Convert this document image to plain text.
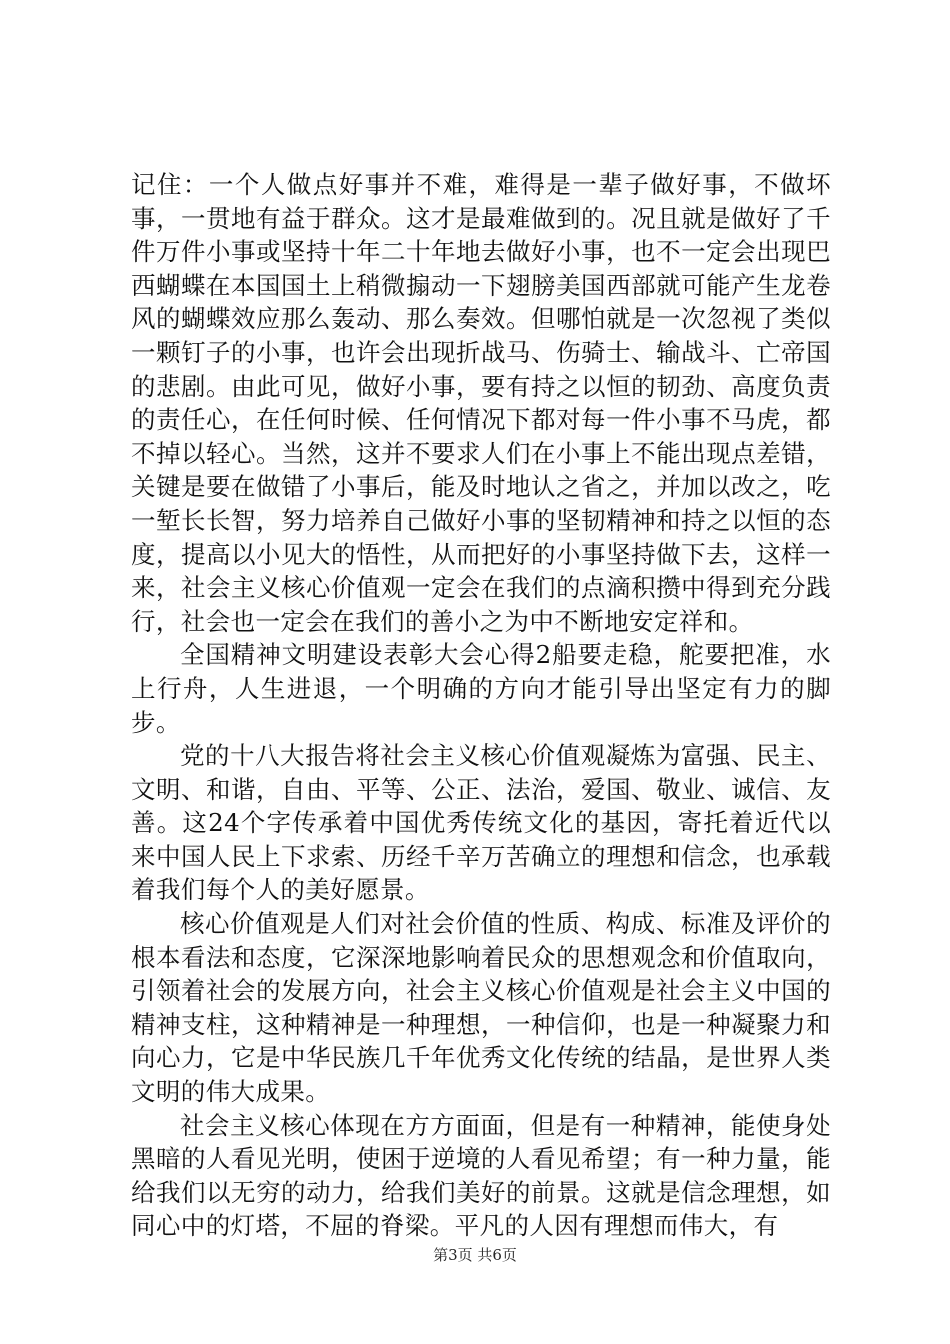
记住：一个人做点好事并不难，难得是一辈子做好事，不做坏事，一贯地有益于群众。这才是最难做到的。况且就是做好了千件万件小事或坚持十年二十年地去做好小事，也不一定会出现巴西蝴蝶在本国国土上稍微搧动一下翅膀美国西部就可能产生龙卷风的蝴蝶效应那么轰动、那么奏效。但哪怕就是一次忽视了类似一颗钉子的小事，也许会出现折战马、伤骑士、输战斗、亡帝国的悲剧。由此可见，做好小事，要有持之以恒的韧劲、高度负责的责任心，在任何时候、任何情况下都对每一件小事不马虎，都不掉以轻心。当然，这并不要求人们在小事上不能出现点差错，关键是要在做错了小事后，能及时地认之省之，并加以改之，吃一堑长长智，努力培养自己做好小事的坚韧精神和持之以恒的态度，提高以小见大的悟性，从而把好的小事坚持做下去，这样一来，社会主义核心价值观一定会在我们的点滴积攒中得到充分践行，社会也一定会在我们的善小之为中不断地安定祥和。

全国精神文明建设表彰大会心得2船要走稳，舵要把准，水上行舟，人生进退，一个明确的方向才能引导出坚定有力的脚步。

党的十八大报告将社会主义核心价值观凝炼为富强、民主、文明、和谐，自由、平等、公正、法治，爱国、敬业、诚信、友善。这24个字传承着中国优秀传统文化的基因，寄托着近代以来中国人民上下求索、历经千辛万苦确立的理想和信念，也承载着我们每个人的美好愿景。

核心价值观是人们对社会价值的性质、构成、标准及评价的根本看法和态度，它深深地影响着民众的思想观念和价值取向，引领着社会的发展方向，社会主义核心价值观是社会主义中国的精神支柱，这种精神是一种理想，一种信仰，也是一种凝聚力和向心力，它是中华民族几千年优秀文化传统的结晶，是世界人类文明的伟大成果。

社会主义核心体现在方方面面，但是有一种精神，能使身处黑暗的人看见光明，使困于逆境的人看见希望；有一种力量，能给我们以无穷的动力，给我们美好的前景。这就是信念理想，如同心中的灯塔，不屈的脊梁。平凡的人因有理想而伟大，有

第3页 共6页
